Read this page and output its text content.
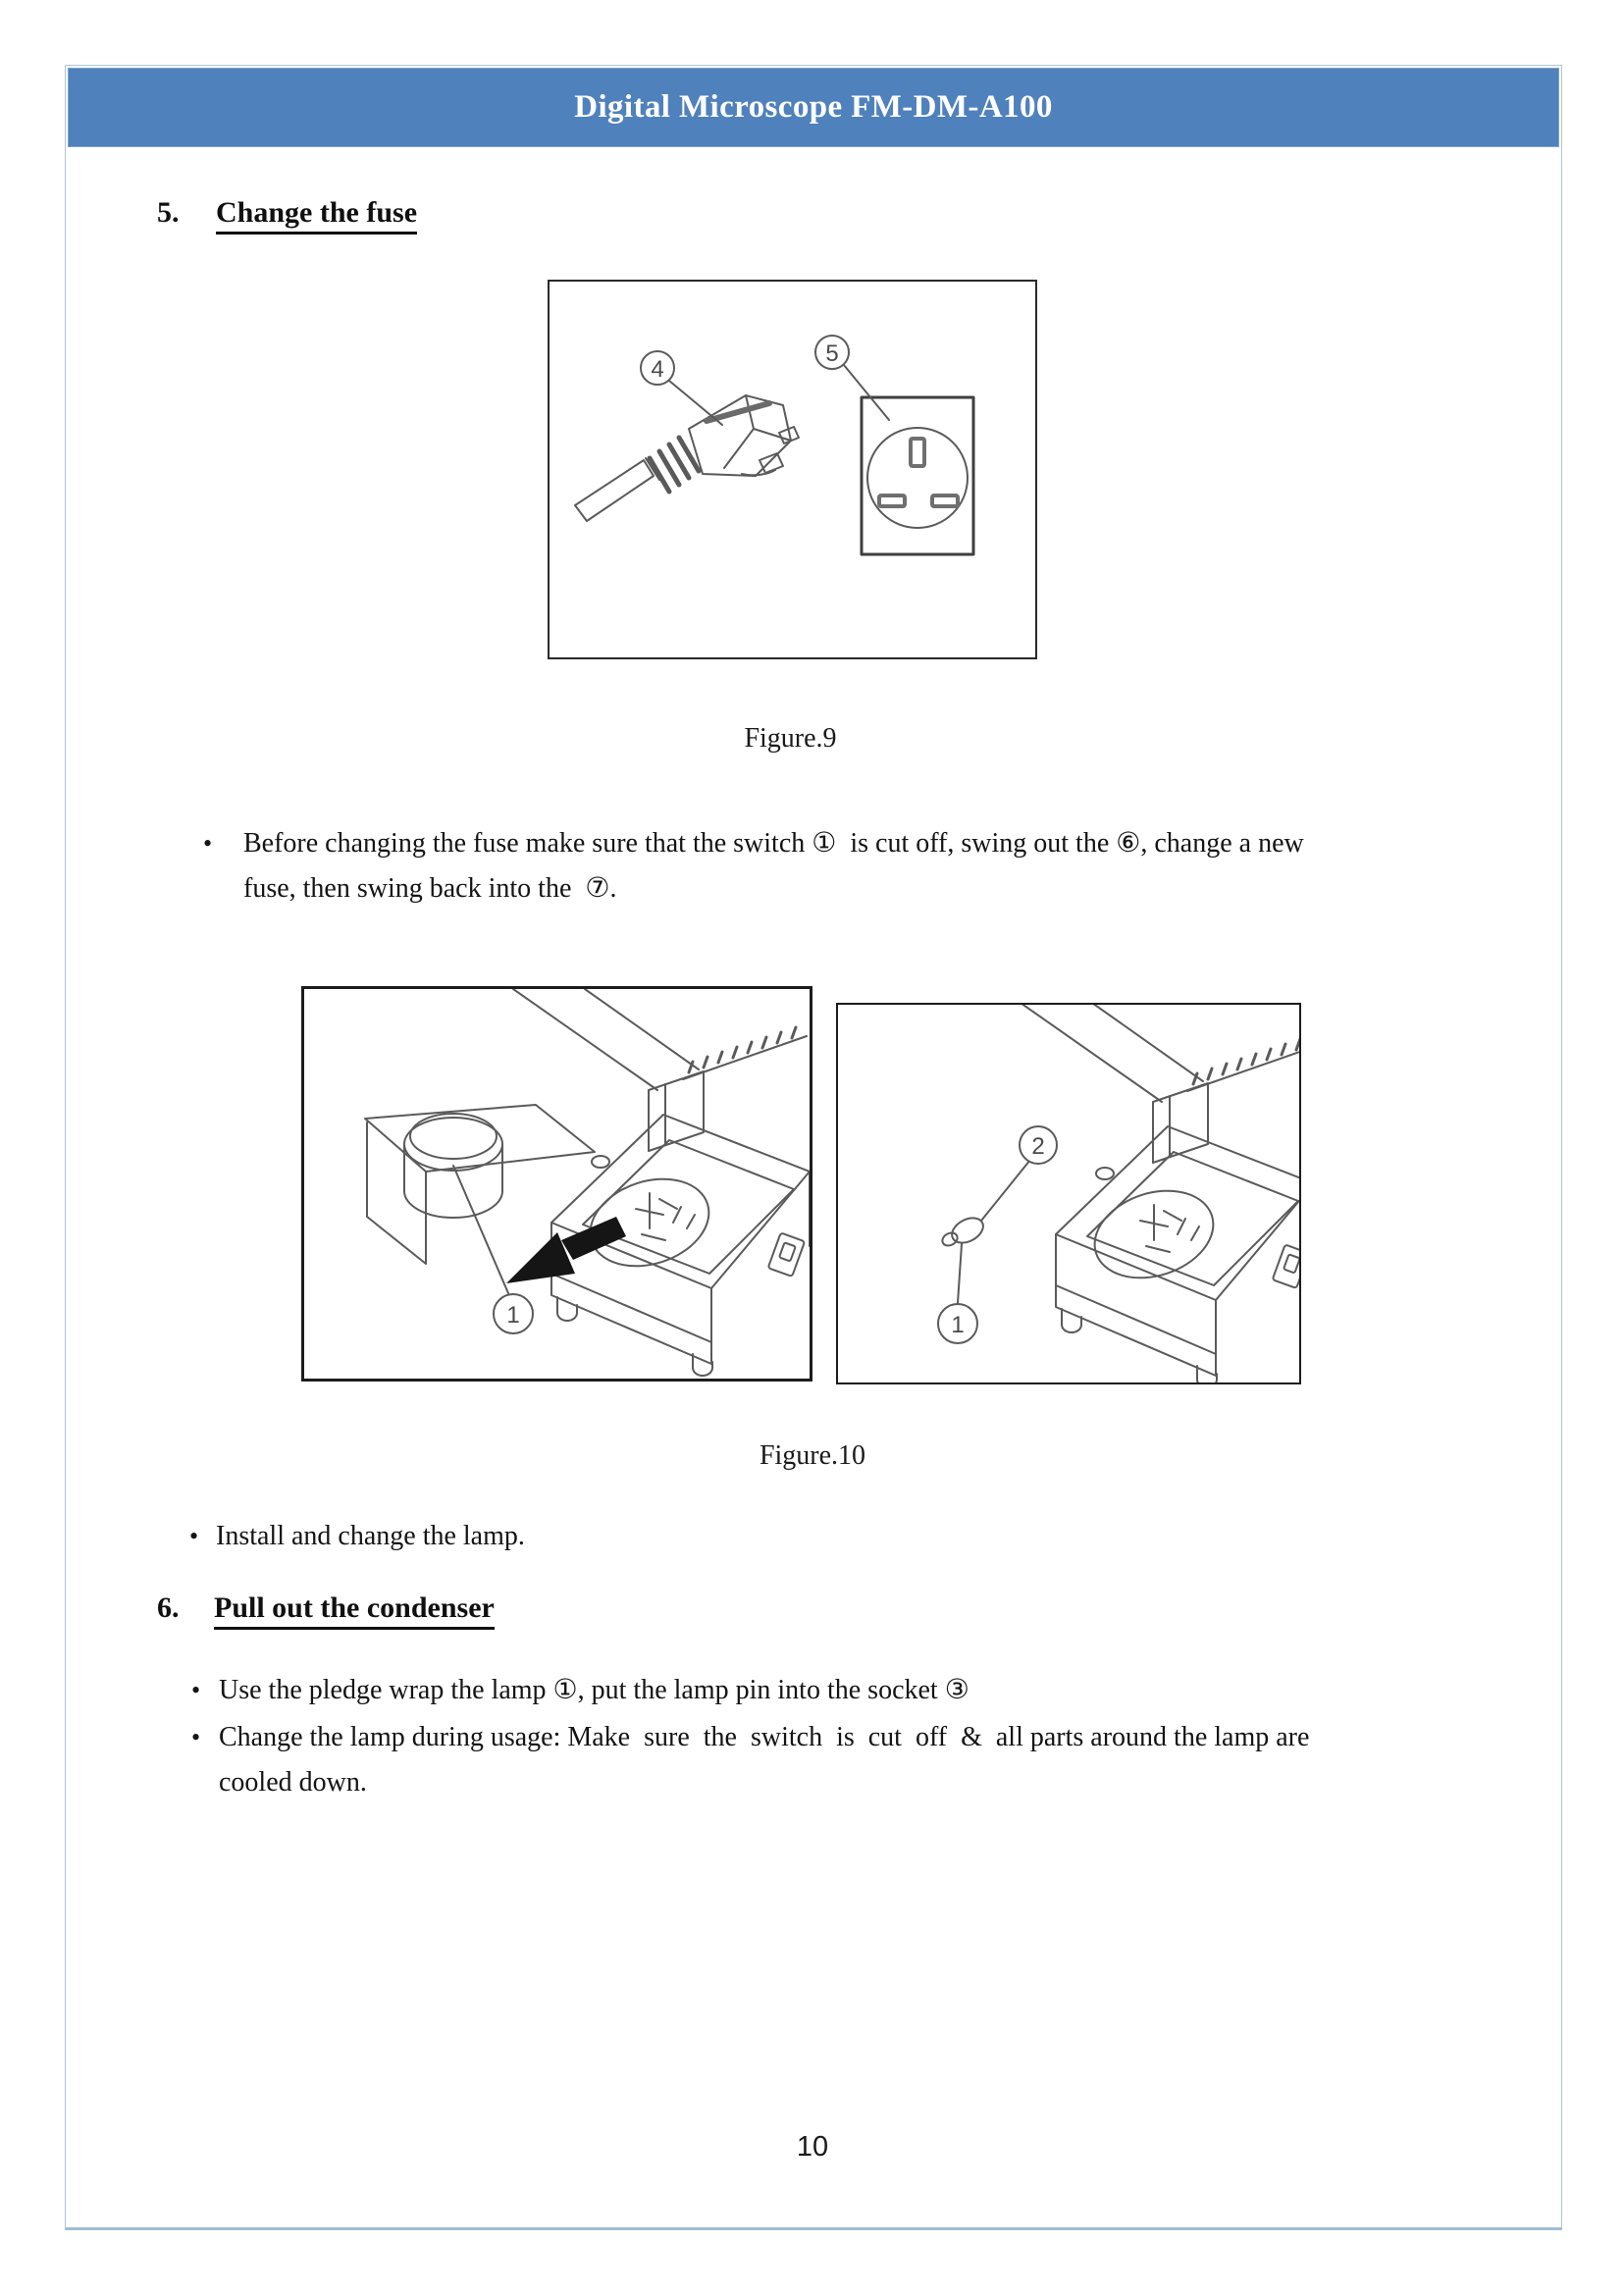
Digital Microscope FM-DM-A100
5.	Change the fuse
4
5
Figure.9
•	Before changing the fuse make sure that the switch ①  is cut off, swing out the ⑥, change a new fuse, then swing back into the  ⑦.
1
2
1
Figure.10
• Install and change the lamp.
6.	Pull out the condenser
• Use the pledge wrap the lamp ①, put the lamp pin into the socket ③
• Change the lamp during usage: Make  sure  the  switch  is  cut  off  &  all parts around the lamp are cooled down.
10
